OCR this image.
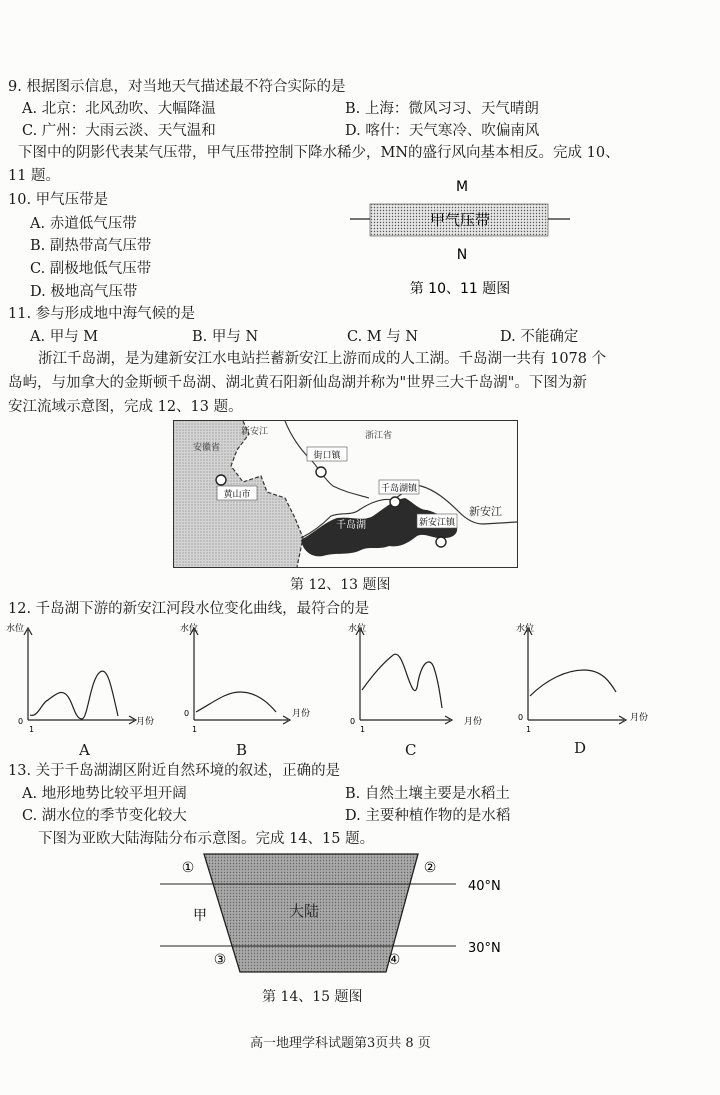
9. 根据图示信息，对当地天气描述最不符合实际的是
A. 北京：北风劲吹、大幅降温	B. 上海：微风习习、天气晴朗
C. 广州：大雨云淡、天气温和	D. 喀什：天气寒冷、吹偏南风
下图中的阴影代表某气压带，甲气压带控制下降水稀少，MN的盛行风向基本相反。完成 10、
11 题。
10. 甲气压带是
A. 赤道低气压带
B. 副热带高气压带
C. 副极地低气压带
D. 极地高气压带
M
甲气压带
N
第 10、11 题图
11. 参与形成地中海气候的是
A. 甲与 M	B. 甲与 N	C. M 与 N	D. 不能确定
浙江千岛湖，是为建新安江水电站拦蓄新安江上游而成的人工湖。千岛湖一共有 1078 个
岛屿，与加拿大的金斯顿千岛湖、湖北黄石阳新仙岛湖并称为"世界三大千岛湖"。下图为新
安江流域示意图，完成 12、13 题。
安徽省
新安江	浙江省
黄山市
街口镇
千岛湖镇
千岛湖	新安江镇
新安江
第 12、13 题图
12. 千岛湖下游的新安江河段水位变化曲线，最符合的是
水位
月份
0
1
A
水位
月份
0
1
B
水位
月份
0
1
C
水位
月份
0
1
D
13. 关于千岛湖湖区附近自然环境的叙述，正确的是
A. 地形地势比较平坦开阔	B. 自然土壤主要是水稻土
C. 湖水位的季节变化较大	D. 主要种植作物的是水稻
下图为亚欧大陆海陆分布示意图。完成 14、15 题。
①	②
③	④
甲	大陆
40°N
30°N
第 14、15 题图
高一地理学科试题第3页共 8 页
